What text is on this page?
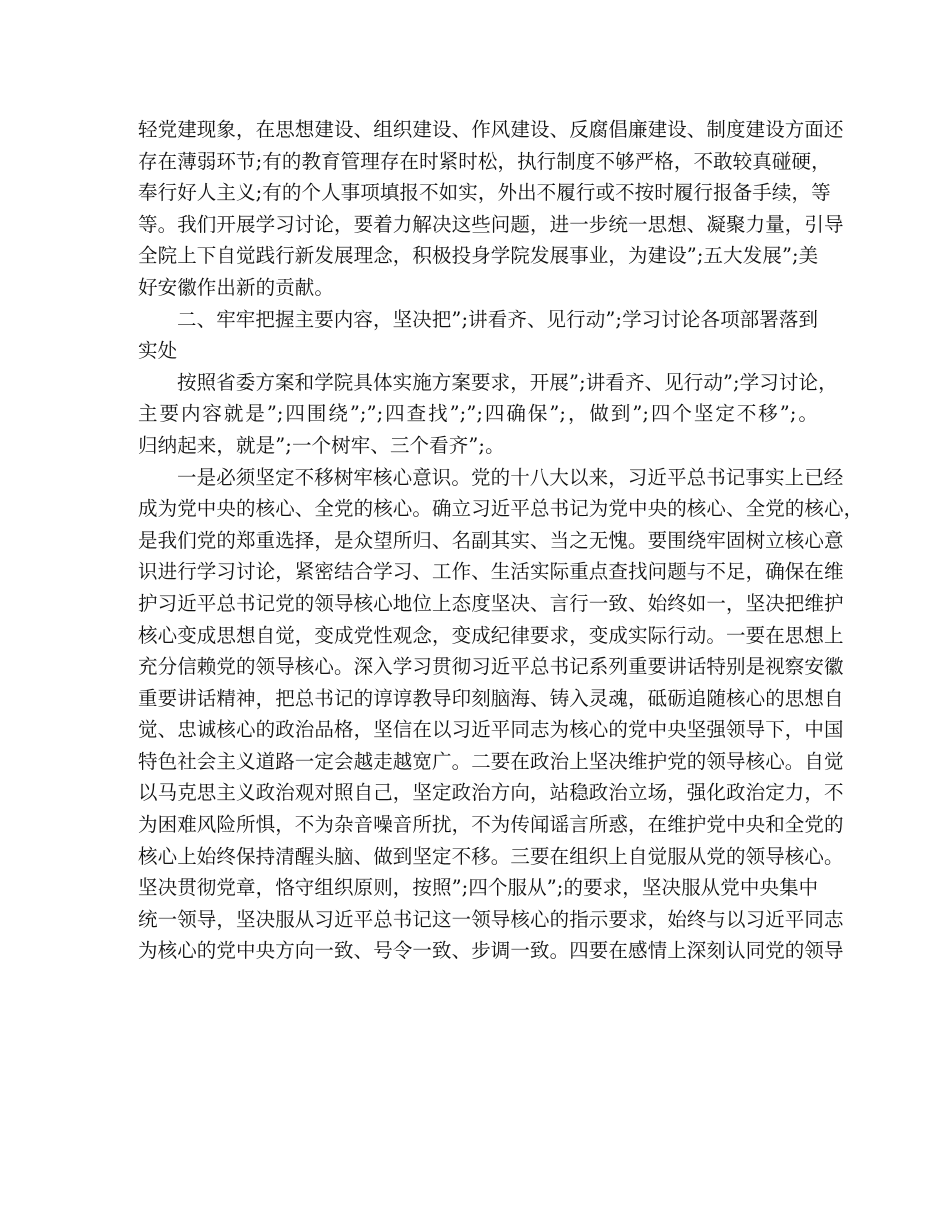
轻党建现象，在思想建设、组织建设、作风建设、反腐倡廉建设、制度建设方面还
存在薄弱环节;有的教育管理存在时紧时松，执行制度不够严格，不敢较真碰硬，
奉行好人主义;有的个人事项填报不如实，外出不履行或不按时履行报备手续，等
等。我们开展学习讨论，要着力解决这些问题，进一步统一思想、凝聚力量，引导
全院上下自觉践行新发展理念，积极投身学院发展事业，为建设”;五大发展”;美
好安徽作出新的贡献。
二、牢牢把握主要内容，坚决把”;讲看齐、见行动”;学习讨论各项部署落到
实处
按照省委方案和学院具体实施方案要求，开展”;讲看齐、见行动”;学习讨论，
主要内容就是”;四围绕”;”;四查找”;”;四确保”;，做到”;四个坚定不移”;。
归纳起来，就是”;一个树牢、三个看齐”;。
一是必须坚定不移树牢核心意识。党的十八大以来，习近平总书记事实上已经
成为党中央的核心、全党的核心。确立习近平总书记为党中央的核心、全党的核心，
是我们党的郑重选择，是众望所归、名副其实、当之无愧。要围绕牢固树立核心意
识进行学习讨论，紧密结合学习、工作、生活实际重点查找问题与不足，确保在维
护习近平总书记党的领导核心地位上态度坚决、言行一致、始终如一，坚决把维护
核心变成思想自觉，变成党性观念，变成纪律要求，变成实际行动。一要在思想上
充分信赖党的领导核心。深入学习贯彻习近平总书记系列重要讲话特别是视察安徽
重要讲话精神，把总书记的谆谆教导印刻脑海、铸入灵魂，砥砺追随核心的思想自
觉、忠诚核心的政治品格，坚信在以习近平同志为核心的党中央坚强领导下，中国
特色社会主义道路一定会越走越宽广。二要在政治上坚决维护党的领导核心。自觉
以马克思主义政治观对照自己，坚定政治方向，站稳政治立场，强化政治定力，不
为困难风险所惧，不为杂音噪音所扰，不为传闻谣言所惑，在维护党中央和全党的
核心上始终保持清醒头脑、做到坚定不移。三要在组织上自觉服从党的领导核心。
坚决贯彻党章，恪守组织原则，按照”;四个服从”;的要求，坚决服从党中央集中
统一领导，坚决服从习近平总书记这一领导核心的指示要求，始终与以习近平同志
为核心的党中央方向一致、号令一致、步调一致。四要在感情上深刻认同党的领导
